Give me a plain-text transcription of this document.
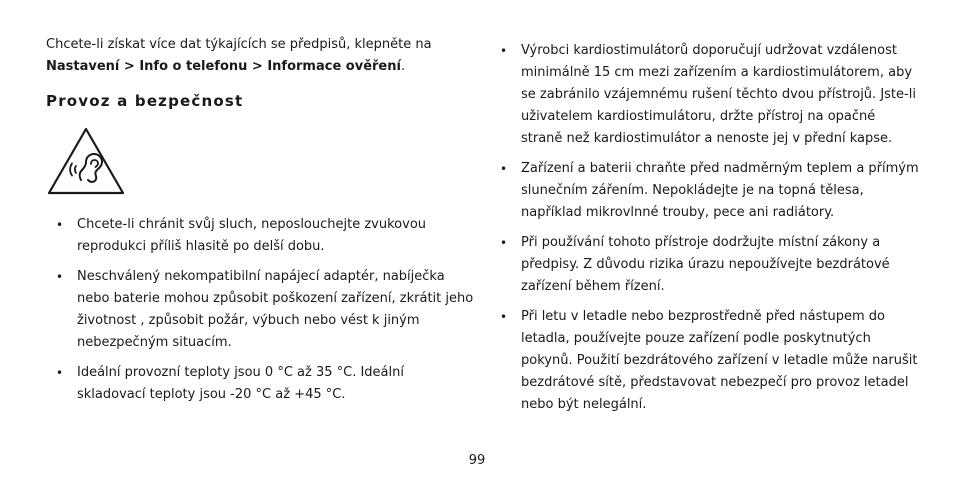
Chcete-li získat více dat týkajících se předpisů, klepněte na
Nastavení > Info o telefonu > Informace ověření.

Provoz a bezpečnost
• Chcete-li chránit svůj sluch, neposlouchejte zvukovou reprodukci příliš hlasitě po delší dobu.
• Neschválený nekompatibilní napájecí adaptér, nabíječka nebo baterie mohou způsobit poškození zařízení, zkrátit jeho životnost , způsobit požár, výbuch nebo vést k jiným nebezpečným situacím.
• Ideální provozní teploty jsou 0 °C až 35 °C. Ideální skladovací teploty jsou -20 °C až +45 °C.
• Výrobci kardiostimulátorů doporučují udržovat vzdálenost minimálně 15 cm mezi zařízením a kardiostimulátorem, aby se zabránilo vzájemnému rušení těchto dvou přístrojů. Jste-li uživatelem kardiostimulátoru, držte přístroj na opačné straně než kardiostimulátor a nenoste jej v přední kapse.
• Zařízení a baterii chraňte před nadměrným teplem a přímým slunečním zářením. Nepokládejte je na topná tělesa, například mikrovlnné trouby, pece ani radiátory.
• Při používání tohoto přístroje dodržujte místní zákony a předpisy. Z důvodu rizika úrazu nepoužívejte bezdrátové zařízení během řízení.
• Při letu v letadle nebo bezprostředně před nástupem do letadla, používejte pouze zařízení podle poskytnutých pokynů. Použití bezdrátového zařízení v letadle může narušit bezdrátové sítě, představovat nebezpečí pro provoz letadel nebo být nelegální.
99
